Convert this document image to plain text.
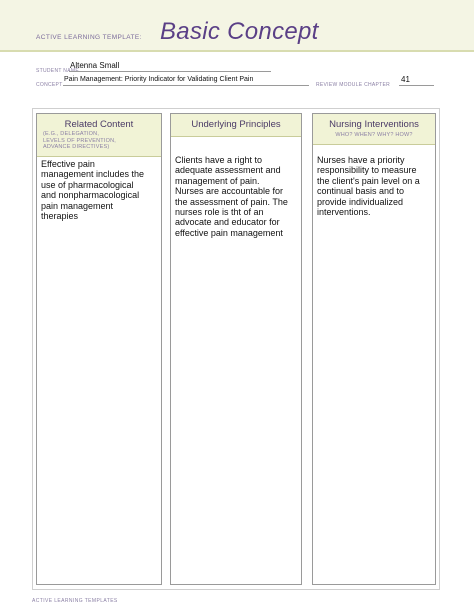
ACTIVE LEARNING TEMPLATE: Basic Concept
STUDENT NAME
Altenna Small
CONCEPT
Pain Management: Priority Indicator for Validating Client Pain
REVIEW MODULE CHAPTER
41
Related Content
(E.G., DELEGATION,
LEVELS OF PREVENTION,
ADVANCE DIRECTIVES)
Effective pain
management includes the
use of pharmacological
and nonpharmacological
pain management
therapies
Underlying Principles
Clients have a right to
adequate assessment and
management of pain.
Nurses are accountable for
the assessment of pain. The
nurses role is tht of an
advocate and educator for
effective pain management
Nursing Interventions
WHO? WHEN? WHY? HOW?
Nurses have a priority
responsibility to measure
the client's pain level on a
continual basis and to
provide individualized
interventions.
ACTIVE LEARNING TEMPLATES
